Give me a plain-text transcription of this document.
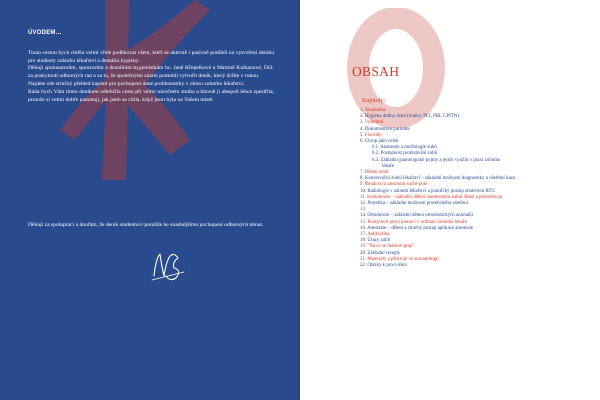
ÚVODEM…

Touto cestou bych chtěla velmi vřele poděkovat všem, kteří se aktivně i pasivně podíleli na vytvoření deníku pro studenty zubního lékařství a dentální hygieny.

Děkuji spoluautorům, sponzorům a dentálním hygienistkám bc. Janě Křepelkové a Martině Kulhanové, DiS. za poskytnutí odborných rad a za to, že společnými silami pomohli vytvořit deník, který držíte v rukou.

Najdete zde stručný přehled kapitol pro pochopení dané problematiky v oboru zubního lékařství.

Ráda bych Vám tímto deníkem odlehčila cestu při velmi náročném studiu a hlavně ji alespoň lehce zpestřila, protože si velmi dobře pamatuji, jak jsem se cítila, když jsem byla na Vašem místě.

Děkuji za spolupráci a doufám, že deník studentovi pomůže ke snadnějšímu pochopení odborných témat.

OBSAH
Kapitoly:
1. Anamnéza
2. Hygiena dutiny ústní (indexy PLI, PBI, CPITN)
3. Vyšetření
4. Dokumentace pacienta
5. Fluoridy
6. Chrup jako celek
6.1. Anatomie a morfologie zubů
6.2. Postupnost prořezávání zubů
6.3. Základní gnatologické pojmy a jejich využití v praxi zubního
lékaře
7. Bělení zubů
8. Konzervační zubní lékařství – základní možnosti diagnostiky a ošetření kazu
9. Relativní a absolutní suché pole
10. Radiologie v zubním lékařství a praktický postup zhotovení RTG
11. Endodoncie – základní dělení onemocnění zubní dřeně a periodoncia
12. Protetika – základní možnosti protetického ošetření
13.
14. Ortodoncie – základní dělení ortodontických anomálií
15. Poskytnutí první pomoci v ordinaci zubního lékaře
16. Anestezie – dělení a stručný postup aplikace anestezie
17. Antibiotika
18. Úrazy zubů
19. "Na co se doktorů ptají"
20. Základní recepty
21. Materiály a přístroje ve stomatologii
22. Otázky k procvičení
